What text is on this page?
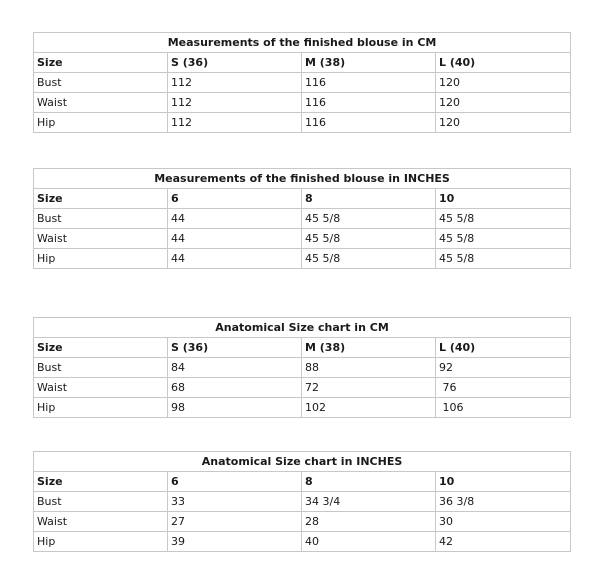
Measurements of the finished blouse in CM			
Size	S (36)	M (38)	L (40)
Bust	112	116	120
Waist	112	116	120
Hip	112	116	120
Measurements of the finished blouse in INCHES			
Size	6	8	10
Bust	44	45 5/8	45 5/8
Waist	44	45 5/8	45 5/8
Hip	44	45 5/8	45 5/8
Anatomical Size chart in CM			
Size	S (36)	M (38)	L (40)
Bust	84	88	92
Waist	68	72	76
Hip	98	102	106
Anatomical Size chart in INCHES			
Size	6	8	10
Bust	33	34 3/4	36 3/8
Waist	27	28	30
Hip	39	40	42
